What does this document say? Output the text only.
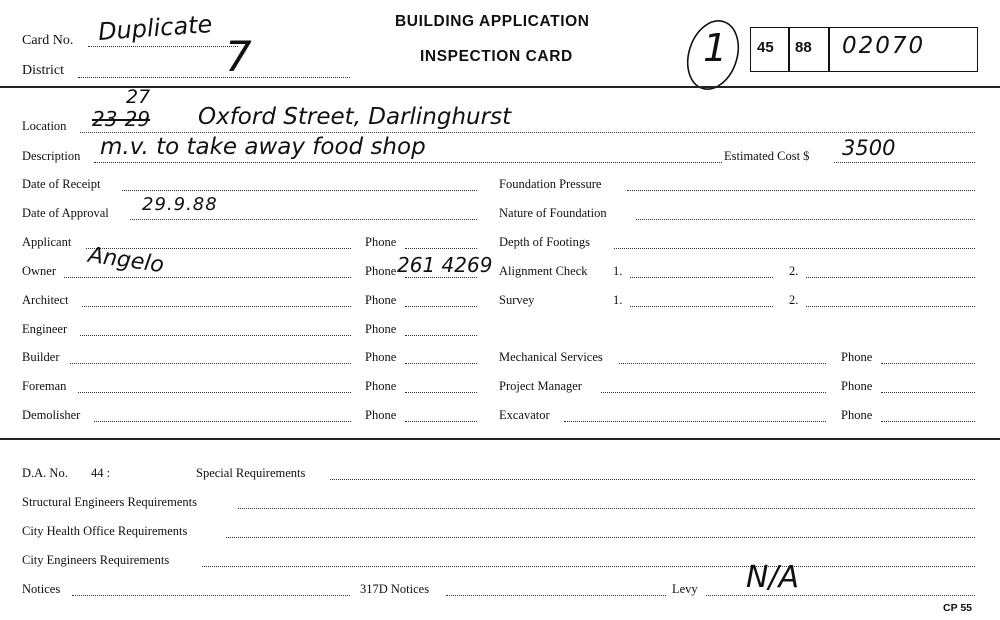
Card No. Duplicate
District	7
BUILDING APPLICATION
INSPECTION CARD	1 45 88 02070
Location
27
23-29 Oxford Street, Darlinghurst
Description m.v. to take away food shop	Estimated Cost $ 3500
Date of Receipt
Date of Approval 29.9.88
Applicant	Phone
Owner Angelo	Phone 261 4269
Architect	Phone
Engineer	Phone
Builder	Phone
Foreman	Phone
Demolisher	Phone
Foundation Pressure
Nature of Foundation
Depth of Footings
Alignment Check 1.	2.
Survey	1.	2.
Mechanical Services	Phone
Project Manager	Phone
Excavator	Phone
D.A. No. 44 :	Special Requirements
Structural Engineers Requirements
City Health Office Requirements
City Engineers Requirements
Notices	317D Notices	Levy N/A
CP 55
